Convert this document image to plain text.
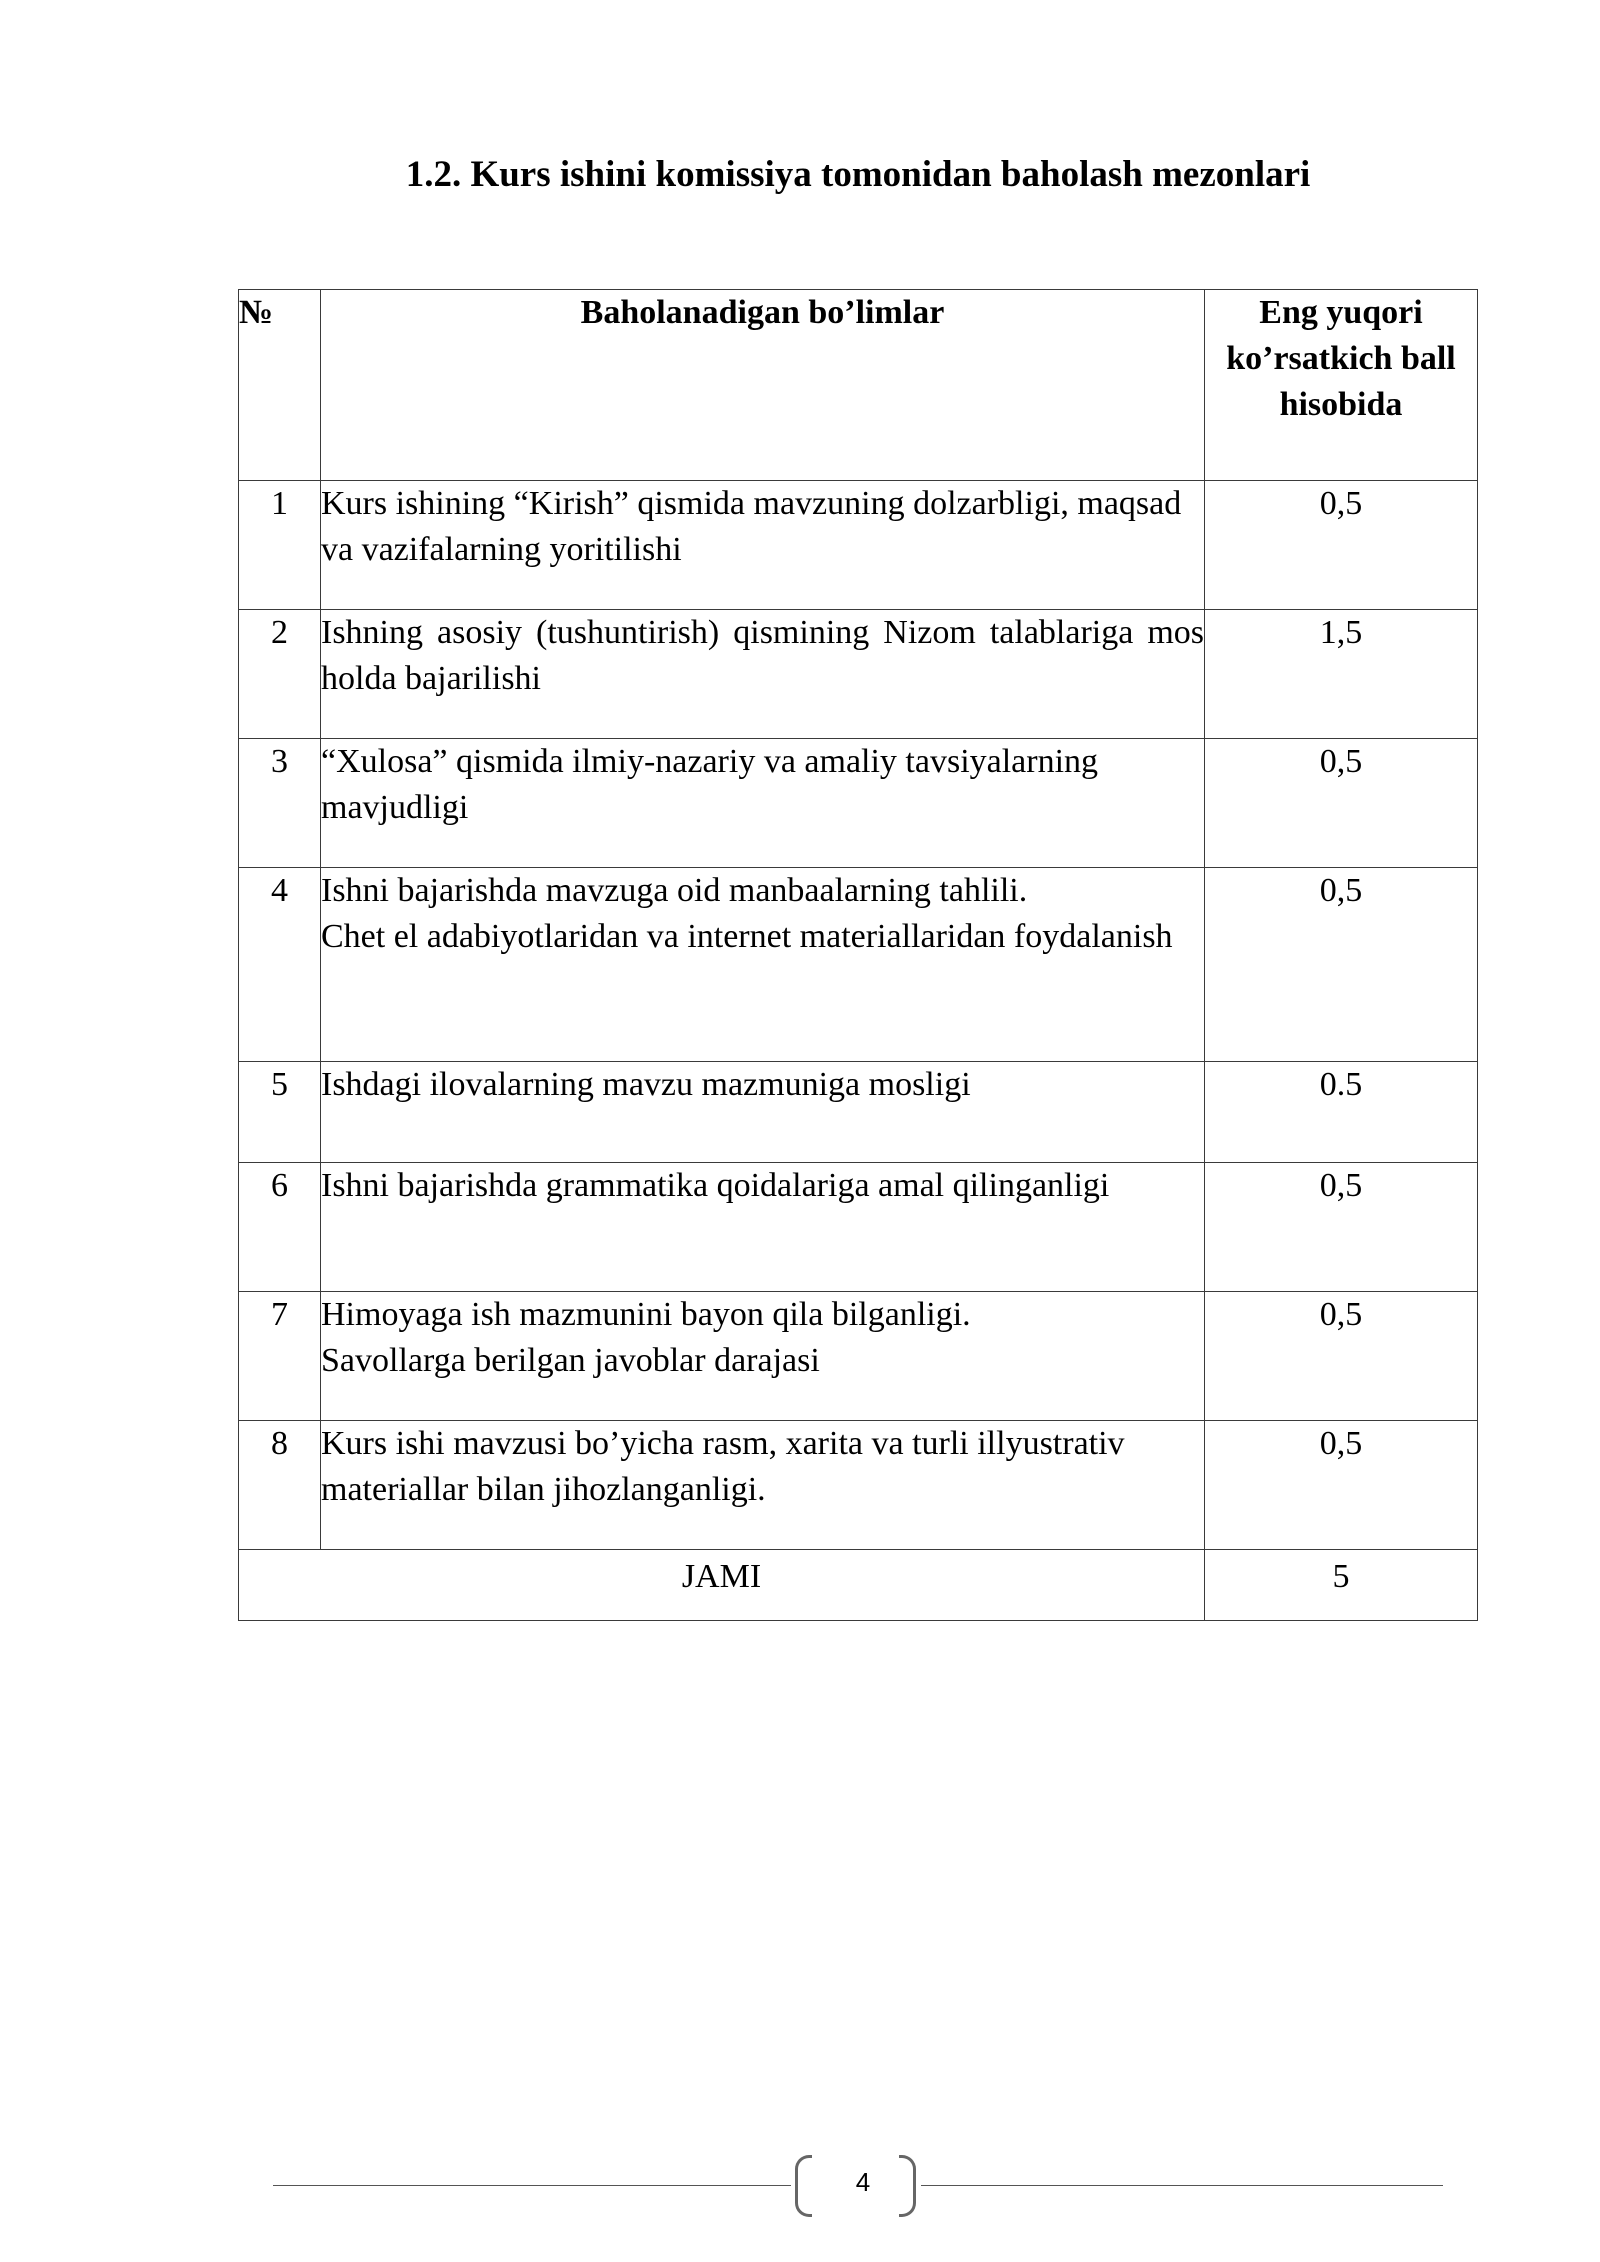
1.2. Kurs ishini komissiya tomonidan baholash mezonlari
№	Baholanadigan bo’limlar	Eng yuqori ko’rsatkich ball hisobida
1	Kurs ishining “Kirish” qismida mavzuning dolzarbligi, maqsad va vazifalarning yoritilishi	0,5
2	Ishning asosiy (tushuntirish) qismining Nizom talablariga mos holda bajarilishi	1,5
3	“Xulosa” qismida ilmiy-nazariy va amaliy tavsiyalarning mavjudligi	0,5
4	Ishni bajarishda mavzuga oid manbaalarning tahlili.
Chet el adabiyotlaridan va internet materiallaridan foydalanish	0,5
5	Ishdagi ilovalarning mavzu mazmuniga mosligi	0.5
6	Ishni bajarishda grammatika qoidalariga amal qilinganligi	0,5
7	Himoyaga ish mazmunini bayon qila bilganligi.
Savollarga berilgan javoblar darajasi	0,5
8	Kurs ishi mavzusi bo’yicha rasm, xarita va turli illyustrativ materiallar bilan jihozlanganligi.	0,5
JAMI		5
4
